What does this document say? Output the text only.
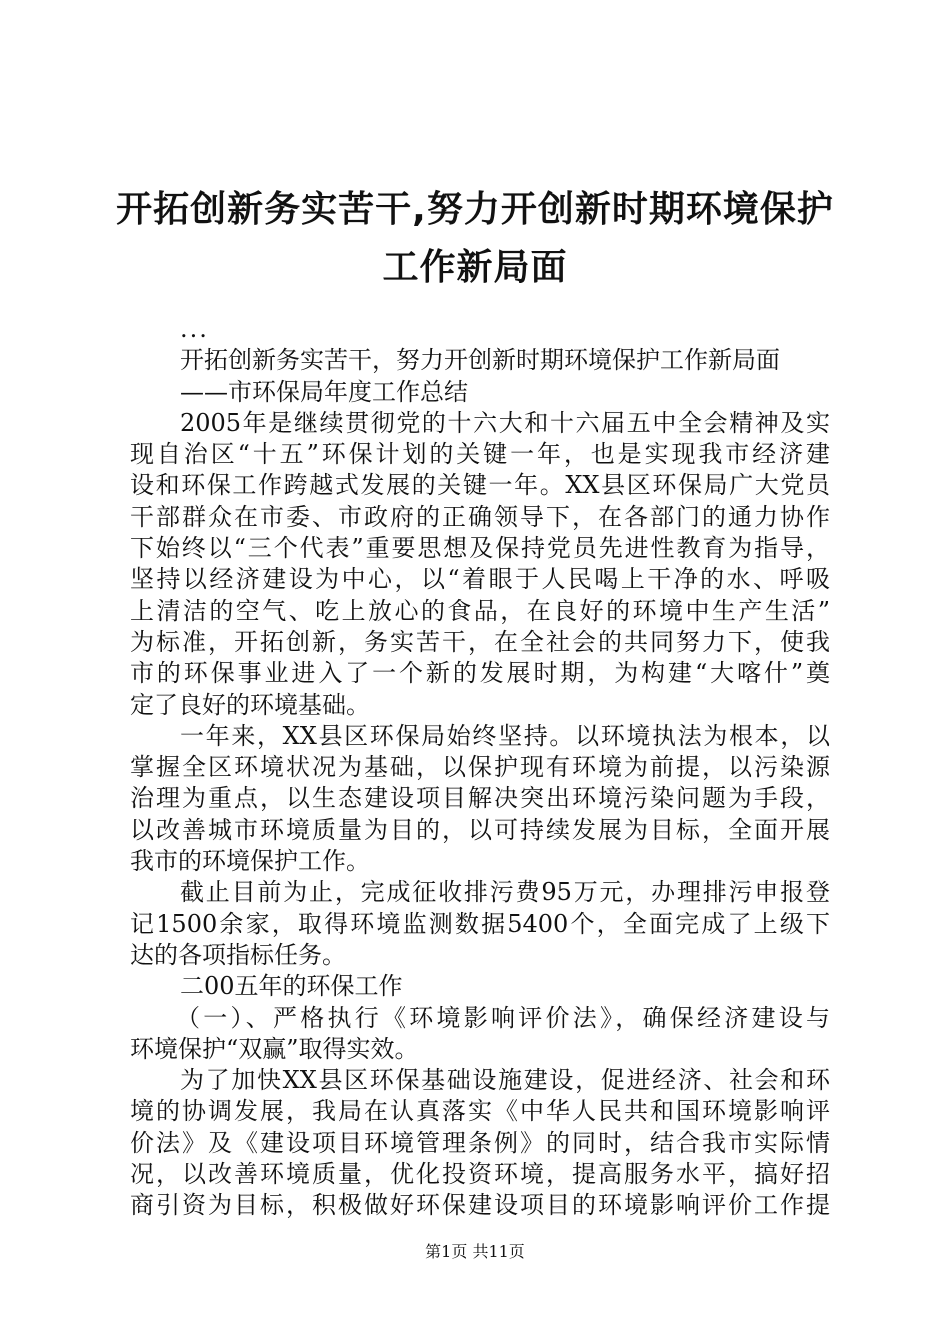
开拓创新务实苦干,努力开创新时期环境保护
工作新局面
...
开拓创新务实苦干，努力开创新时期环境保护工作新局面
——市环保局年度工作总结
2005年是继续贯彻党的十六大和十六届五中全会精神及实
现自治区“十五”环保计划的关键一年，也是实现我市经济建
设和环保工作跨越式发展的关键一年。XX县区环保局广大党员
干部群众在市委、市政府的正确领导下，在各部门的通力协作
下始终以“三个代表”重要思想及保持党员先进性教育为指导，
坚持以经济建设为中心，以“着眼于人民喝上干净的水、呼吸
上清洁的空气、吃上放心的食品，在良好的环境中生产生活”
为标准，开拓创新，务实苦干，在全社会的共同努力下，使我
市的环保事业进入了一个新的发展时期，为构建“大喀什”奠
定了良好的环境基础。
一年来，XX县区环保局始终坚持。以环境执法为根本，以
掌握全区环境状况为基础，以保护现有环境为前提，以污染源
治理为重点，以生态建设项目解决突出环境污染问题为手段，
以改善城市环境质量为目的，以可持续发展为目标，全面开展
我市的环境保护工作。
截止目前为止，完成征收排污费95万元，办理排污申报登
记1500余家，取得环境监测数据5400个，全面完成了上级下
达的各项指标任务。
二00五年的环保工作
（一）、严格执行《环境影响评价法》，确保经济建设与
环境保护“双赢”取得实效。
为了加快XX县区环保基础设施建设，促进经济、社会和环
境的协调发展，我局在认真落实《中华人民共和国环境影响评
价法》及《建设项目环境管理条例》的同时，结合我市实际情
况，以改善环境质量，优化投资环境，提高服务水平，搞好招
商引资为目标，积极做好环保建设项目的环境影响评价工作提
第1页 共11页
